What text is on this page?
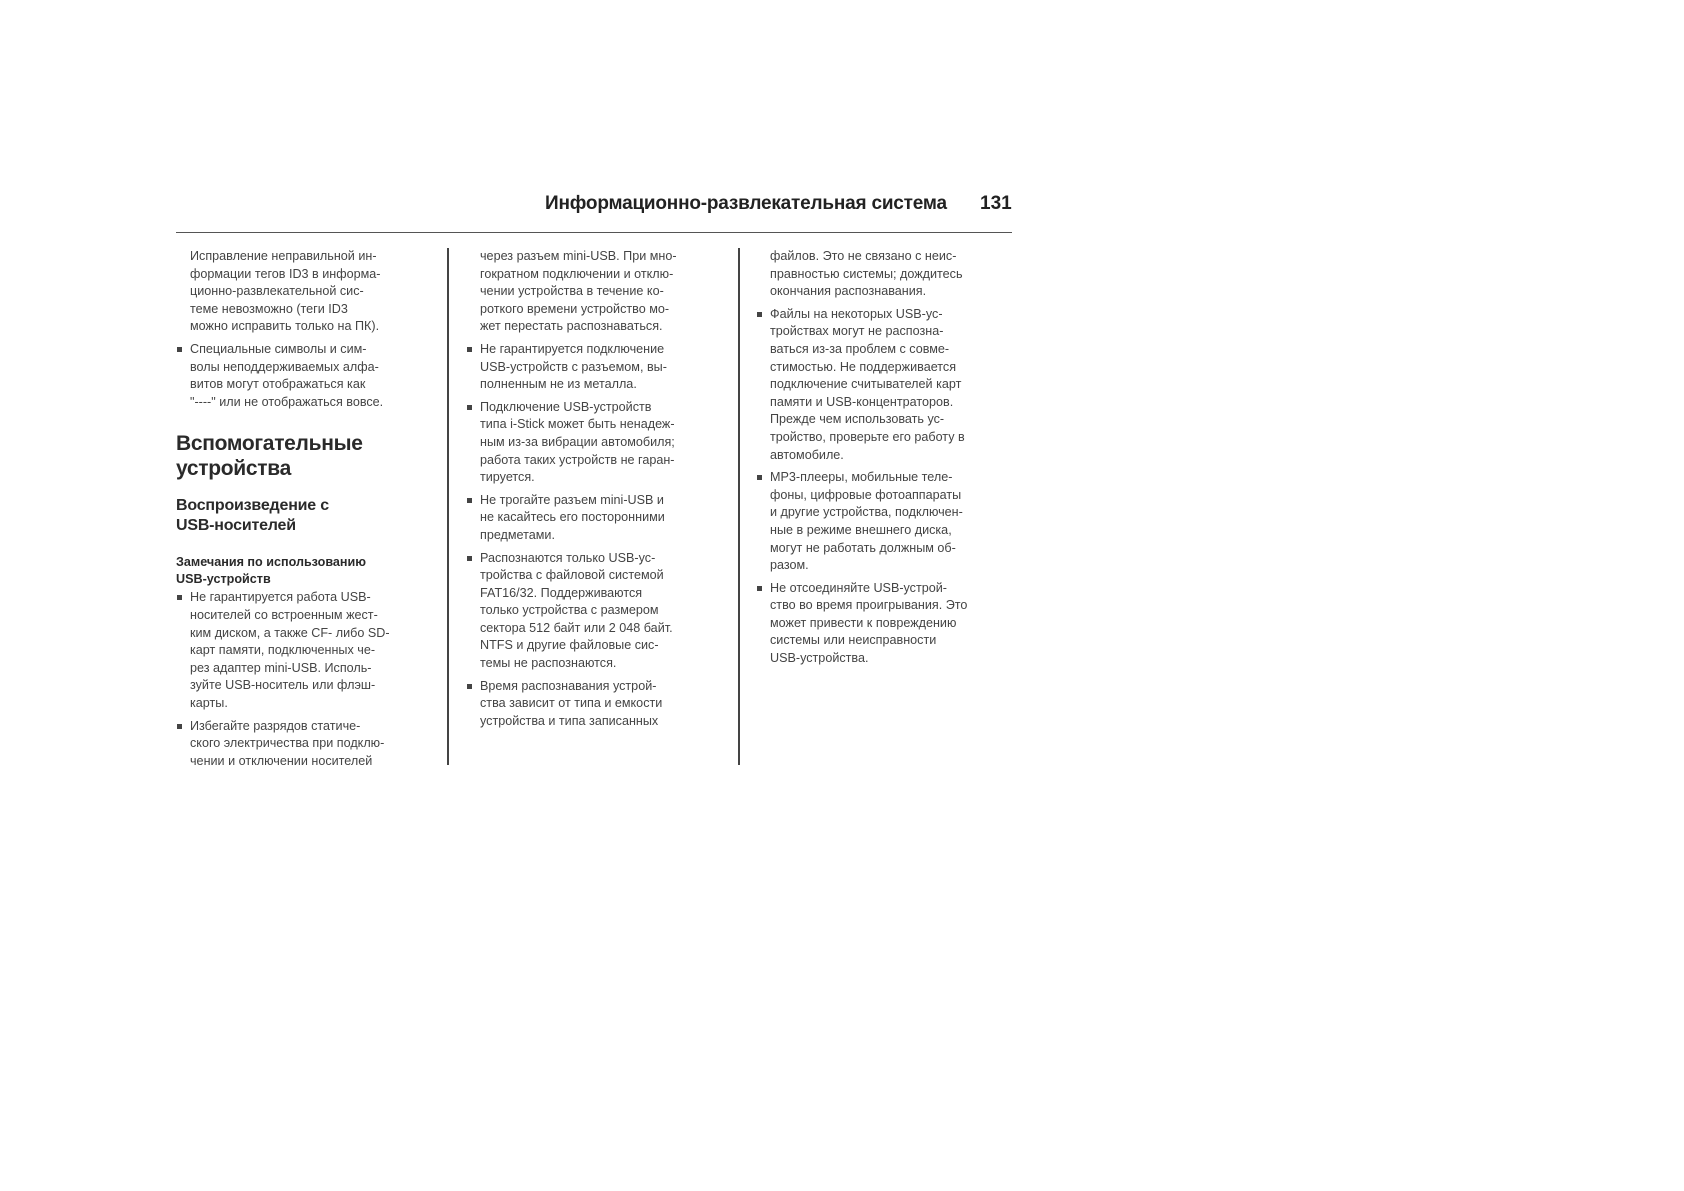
Информационно-развлекательная система 131

Исправление неправильной ин-
формации тегов ID3 в информа-
ционно-развлекательной сис-
теме невозможно (теги ID3
можно исправить только на ПК).

Специальные символы и сим-
волы неподдерживаемых алфа-
витов могут отображаться как
"----" или не отображаться вовсе.
Вспомогательные
устройства
Воспроизведение с
USB-носителей
Замечания по использованию
USB-устройств
Не гарантируется работа USB-
носителей со встроенным жест-
ким диском, а также CF- либо SD-
карт памяти, подключенных че-
рез адаптер mini-USB. Исполь-
зуйте USB-носитель или флэш-
карты.
Избегайте разрядов статиче-
ского электричества при подклю-
чении и отключении носителей

через разъем mini-USB. При мно-
гократном подключении и отклю-
чении устройства в течение ко-
роткого времени устройство мо-
жет перестать распознаваться.

Не гарантируется подключение
USB-устройств с разъемом, вы-
полненным не из металла.
Подключение USB-устройств
типа i-Stick может быть ненадеж-
ным из-за вибрации автомобиля;
работа таких устройств не гаран-
тируется.
Не трогайте разъем mini-USB и
не касайтесь его посторонними
предметами.
Распознаются только USB-ус-
тройства с файловой системой
FAT16/32. Поддерживаются
только устройства с размером
сектора 512 байт или 2 048 байт.
NTFS и другие файловые сис-
темы не распознаются.
Время распознавания устрой-
ства зависит от типа и емкости
устройства и типа записанных

файлов. Это не связано с неис-
правностью системы; дождитесь
окончания распознавания.

Файлы на некоторых USB-ус-
тройствах могут не распозна-
ваться из-за проблем с совме-
стимостью. Не поддерживается
подключение считывателей карт
памяти и USB-концентраторов.
Прежде чем использовать ус-
тройство, проверьте его работу в
автомобиле.
MP3-плееры, мобильные теле-
фоны, цифровые фотоаппараты
и другие устройства, подключен-
ные в режиме внешнего диска,
могут не работать должным об-
разом.
Не отсоединяйте USB-устрой-
ство во время проигрывания. Это
может привести к повреждению
системы или неисправности
USB-устройства.
